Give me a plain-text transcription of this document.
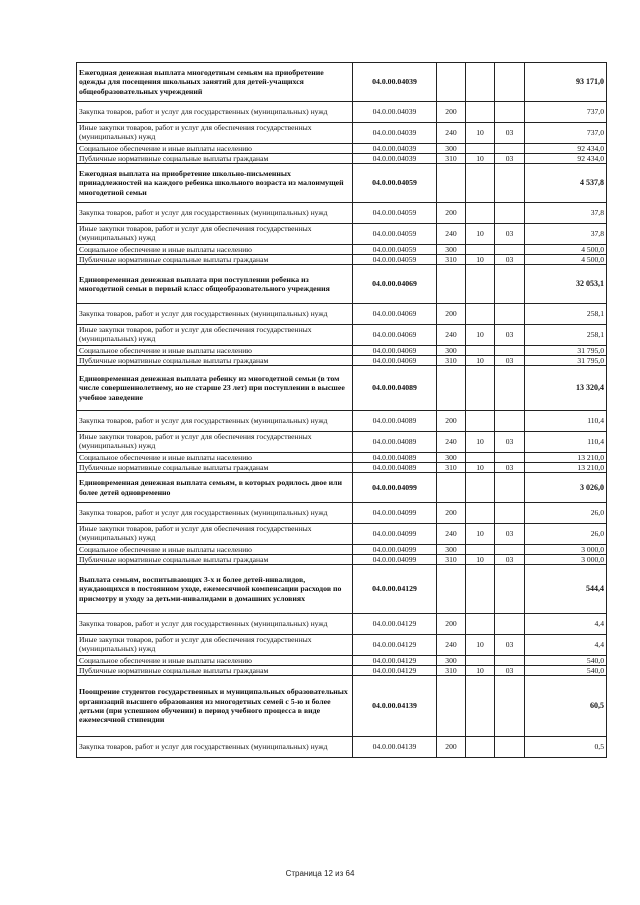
Ежегодная денежная выплата многодетным семьям на приобретение одежды для посещения школьных занятий для детей-учащихся общеобразовательных учреждений	04.0.00.04039				93 171,0
Закупка товаров, работ и услуг для государственных (муниципальных) нужд	04.0.00.04039	200			737,0
Иные закупки товаров, работ и услуг для обеспечения государственных (муниципальных) нужд	04.0.00.04039	240	10	03	737,0
Социальное обеспечение и иные выплаты населению	04.0.00.04039	300			92 434,0
Публичные нормативные социальные выплаты гражданам	04.0.00.04039	310	10	03	92 434,0
Ежегодная выплата на приобретение школьно-письменных принадлежностей на каждого ребенка школьного возраста из малоимущей многодетной семьи	04.0.00.04059				4 537,8
Закупка товаров, работ и услуг для государственных (муниципальных) нужд	04.0.00.04059	200			37,8
Иные закупки товаров, работ и услуг для обеспечения государственных (муниципальных) нужд	04.0.00.04059	240	10	03	37,8
Социальное обеспечение и иные выплаты населению	04.0.00.04059	300			4 500,0
Публичные нормативные социальные выплаты гражданам	04.0.00.04059	310	10	03	4 500,0
Единовременная денежная выплата при поступлении ребенка из многодетной семьи в первый класс общеобразовательного учреждения	04.0.00.04069				32 053,1
Закупка товаров, работ и услуг для государственных (муниципальных) нужд	04.0.00.04069	200			258,1
Иные закупки товаров, работ и услуг для обеспечения государственных (муниципальных) нужд	04.0.00.04069	240	10	03	258,1
Социальное обеспечение и иные выплаты населению	04.0.00.04069	300			31 795,0
Публичные нормативные социальные выплаты гражданам	04.0.00.04069	310	10	03	31 795,0
Единовременная денежная выплата ребенку из многодетной семьи (в том числе совершеннолетнему, но не старше 23 лет) при поступлении в высшее учебное заведение	04.0.00.04089				13 320,4
Закупка товаров, работ и услуг для государственных (муниципальных) нужд	04.0.00.04089	200			110,4
Иные закупки товаров, работ и услуг для обеспечения государственных (муниципальных) нужд	04.0.00.04089	240	10	03	110,4
Социальное обеспечение и иные выплаты населению	04.0.00.04089	300			13 210,0
Публичные нормативные социальные выплаты гражданам	04.0.00.04089	310	10	03	13 210,0
Единовременная денежная выплата семьям, в которых родилось двое или более детей одновременно	04.0.00.04099				3 026,0
Закупка товаров, работ и услуг для государственных (муниципальных) нужд	04.0.00.04099	200			26,0
Иные закупки товаров, работ и услуг для обеспечения государственных (муниципальных) нужд	04.0.00.04099	240	10	03	26,0
Социальное обеспечение и иные выплаты населению	04.0.00.04099	300			3 000,0
Публичные нормативные социальные выплаты гражданам	04.0.00.04099	310	10	03	3 000,0
Выплата семьям, воспитывающих 3-х и более детей-инвалидов, нуждающихся в постоянном уходе, ежемесячной компенсации расходов по присмотру и уходу за детьми-инвалидами в домашних условиях	04.0.00.04129				544,4
Закупка товаров, работ и услуг для государственных (муниципальных) нужд	04.0.00.04129	200			4,4
Иные закупки товаров, работ и услуг для обеспечения государственных (муниципальных) нужд	04.0.00.04129	240	10	03	4,4
Социальное обеспечение и иные выплаты населению	04.0.00.04129	300			540,0
Публичные нормативные социальные выплаты гражданам	04.0.00.04129	310	10	03	540,0
Поощрение студентов государственных и муниципальных образовательных организаций высшего образования из многодетных семей с 5-ю и более детьми (при успешном обучении) в период учебного процесса в виде ежемесячной стипендии	04.0.00.04139				60,5
Закупка товаров, работ и услуг для государственных (муниципальных) нужд	04.0.00.04139	200			0,5
Страница 12 из 64
